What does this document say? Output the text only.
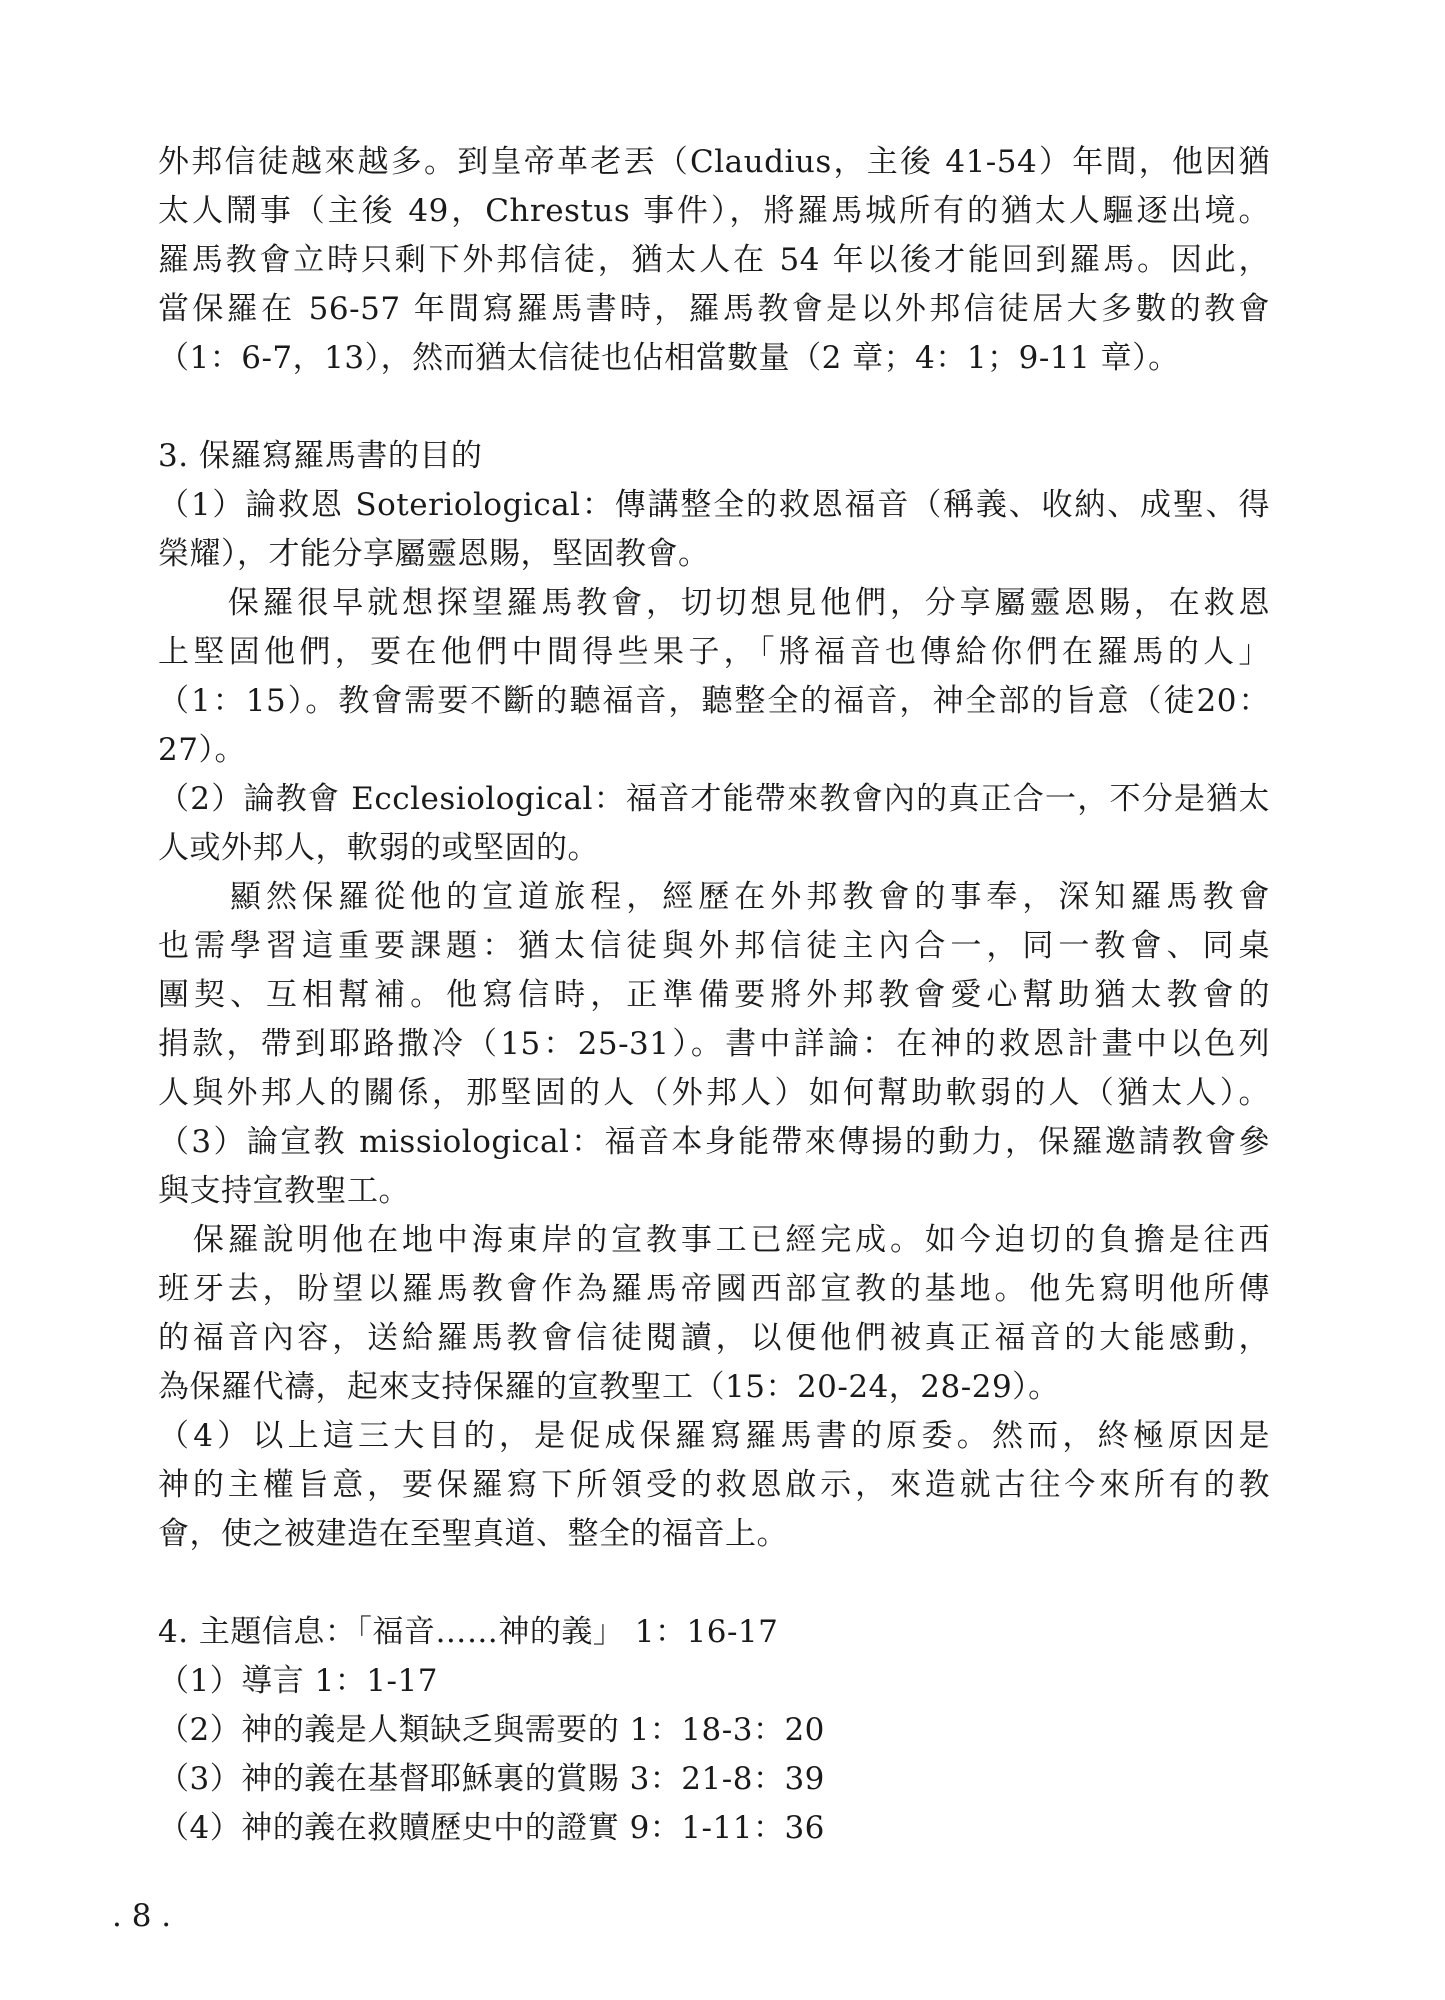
外邦信徒越來越多。到皇帝革老丟（Claudius，主後 41-54）年間，他因猶
太人鬧事（主後 49，Chrestus 事件），將羅馬城所有的猶太人驅逐出境。
羅馬教會立時只剩下外邦信徒，猶太人在 54 年以後才能回到羅馬。因此，
當保羅在 56-57 年間寫羅馬書時，羅馬教會是以外邦信徒居大多數的教會
（1：6-7，13），然而猶太信徒也佔相當數量（2 章；4：1；9-11 章）。
3. 保羅寫羅馬書的目的
（1）論救恩 Soteriological：傳講整全的救恩福音（稱義、收納、成聖、得
榮耀），才能分享屬靈恩賜，堅固教會。
　　保羅很早就想探望羅馬教會，切切想見他們，分享屬靈恩賜，在救恩
上堅固他們，要在他們中間得些果子，「將福音也傳給你們在羅馬的人」
（1：15）。教會需要不斷的聽福音，聽整全的福音，神全部的旨意（徒20：
27）。
（2）論教會 Ecclesiological：福音才能帶來教會內的真正合一，不分是猶太
人或外邦人，軟弱的或堅固的。
　　顯然保羅從他的宣道旅程，經歷在外邦教會的事奉，深知羅馬教會
也需學習這重要課題：猶太信徒與外邦信徒主內合一，同一教會、同桌
團契、互相幫補。他寫信時，正準備要將外邦教會愛心幫助猶太教會的
捐款，帶到耶路撒冷（15：25-31）。書中詳論：在神的救恩計畫中以色列
人與外邦人的關係，那堅固的人（外邦人）如何幫助軟弱的人（猶太人）。
（3）論宣教 missiological：福音本身能帶來傳揚的動力，保羅邀請教會參
與支持宣教聖工。
　保羅說明他在地中海東岸的宣教事工已經完成。如今迫切的負擔是往西
班牙去，盼望以羅馬教會作為羅馬帝國西部宣教的基地。他先寫明他所傳
的福音內容，送給羅馬教會信徒閱讀，以便他們被真正福音的大能感動，
為保羅代禱，起來支持保羅的宣教聖工（15：20-24，28-29）。
（4）以上這三大目的，是促成保羅寫羅馬書的原委。然而，終極原因是
神的主權旨意，要保羅寫下所領受的救恩啟示，來造就古往今來所有的教
會，使之被建造在至聖真道、整全的福音上。
4. 主題信息：「福音……神的義」 1：16-17
（1）導言 1：1-17
（2）神的義是人類缺乏與需要的 1：18-3：20
（3）神的義在基督耶穌裏的賞賜 3：21-8：39
（4）神的義在救贖歷史中的證實 9：1-11：36
. 8 .
